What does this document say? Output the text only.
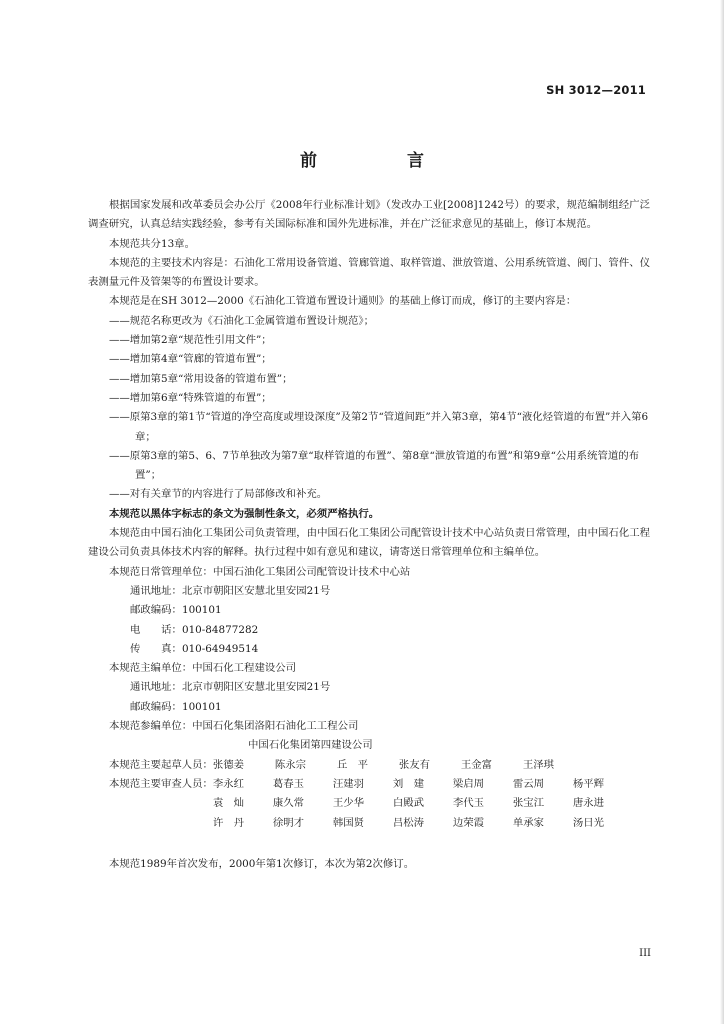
SH 3012—2011
前 言
根据国家发展和改革委员会办公厅《2008年行业标准计划》（发改办工业[2008]1242号）的要求，规范编制组经广泛调查研究，认真总结实践经验，参考有关国际标准和国外先进标准，并在广泛征求意见的基础上，修订本规范。
本规范共分13章。
本规范的主要技术内容是：石油化工常用设备管道、管廊管道、取样管道、泄放管道、公用系统管道、阀门、管件、仪表测量元件及管架等的布置设计要求。
本规范是在SH 3012—2000《石油化工管道布置设计通则》的基础上修订而成，修订的主要内容是：
——规范名称更改为《石油化工金属管道布置设计规范》；
——增加第2章“规范性引用文件”；
——增加第4章“管廊的管道布置”；
——增加第5章“常用设备的管道布置”；
——增加第6章“特殊管道的布置”；
——原第3章的第1节“管道的净空高度或埋设深度”及第2节“管道间距”并入第3章，第4节“液化烃管道的布置”并入第6章；
——原第3章的第5、6、7节单独改为第7章“取样管道的布置”、第8章“泄放管道的布置”和第9章“公用系统管道的布置”；
——对有关章节的内容进行了局部修改和补充。
本规范以黑体字标志的条文为强制性条文，必须严格执行。
本规范由中国石油化工集团公司负责管理，由中国石化工集团公司配管设计技术中心站负责日常管理，由中国石化工程建设公司负责具体技术内容的解释。执行过程中如有意见和建议，请寄送日常管理单位和主编单位。
本规范日常管理单位： 中国石油化工集团公司配管设计技术中心站
通讯地址： 北京市朝阳区安慧北里安园21号
邮政编码： 100101
电　　话： 010-84877282
传　　真： 010-64949514
本规范主编单位： 中国石化工程建设公司
通讯地址： 北京市朝阳区安慧北里安园21号
邮政编码： 100101
本规范参编单位： 中国石化集团洛阳石油化工工程公司
中国石化集团第四建设公司
本规范主要起草人员： 张德姜	陈永宗	丘　平	张友有	王金富	王泽琪
本规范主要审查人员： 李永红	葛春玉	汪建羽	刘　建	梁启周	雷云周	杨平辉
袁　灿	康久常	王少华	白殿武	李代玉	张宝江	唐永进
许　丹	徐明才	韩国贤	吕松涛	边荣霞	单承家	汤日光
本规范1989年首次发布，2000年第1次修订，本次为第2次修订。
III
